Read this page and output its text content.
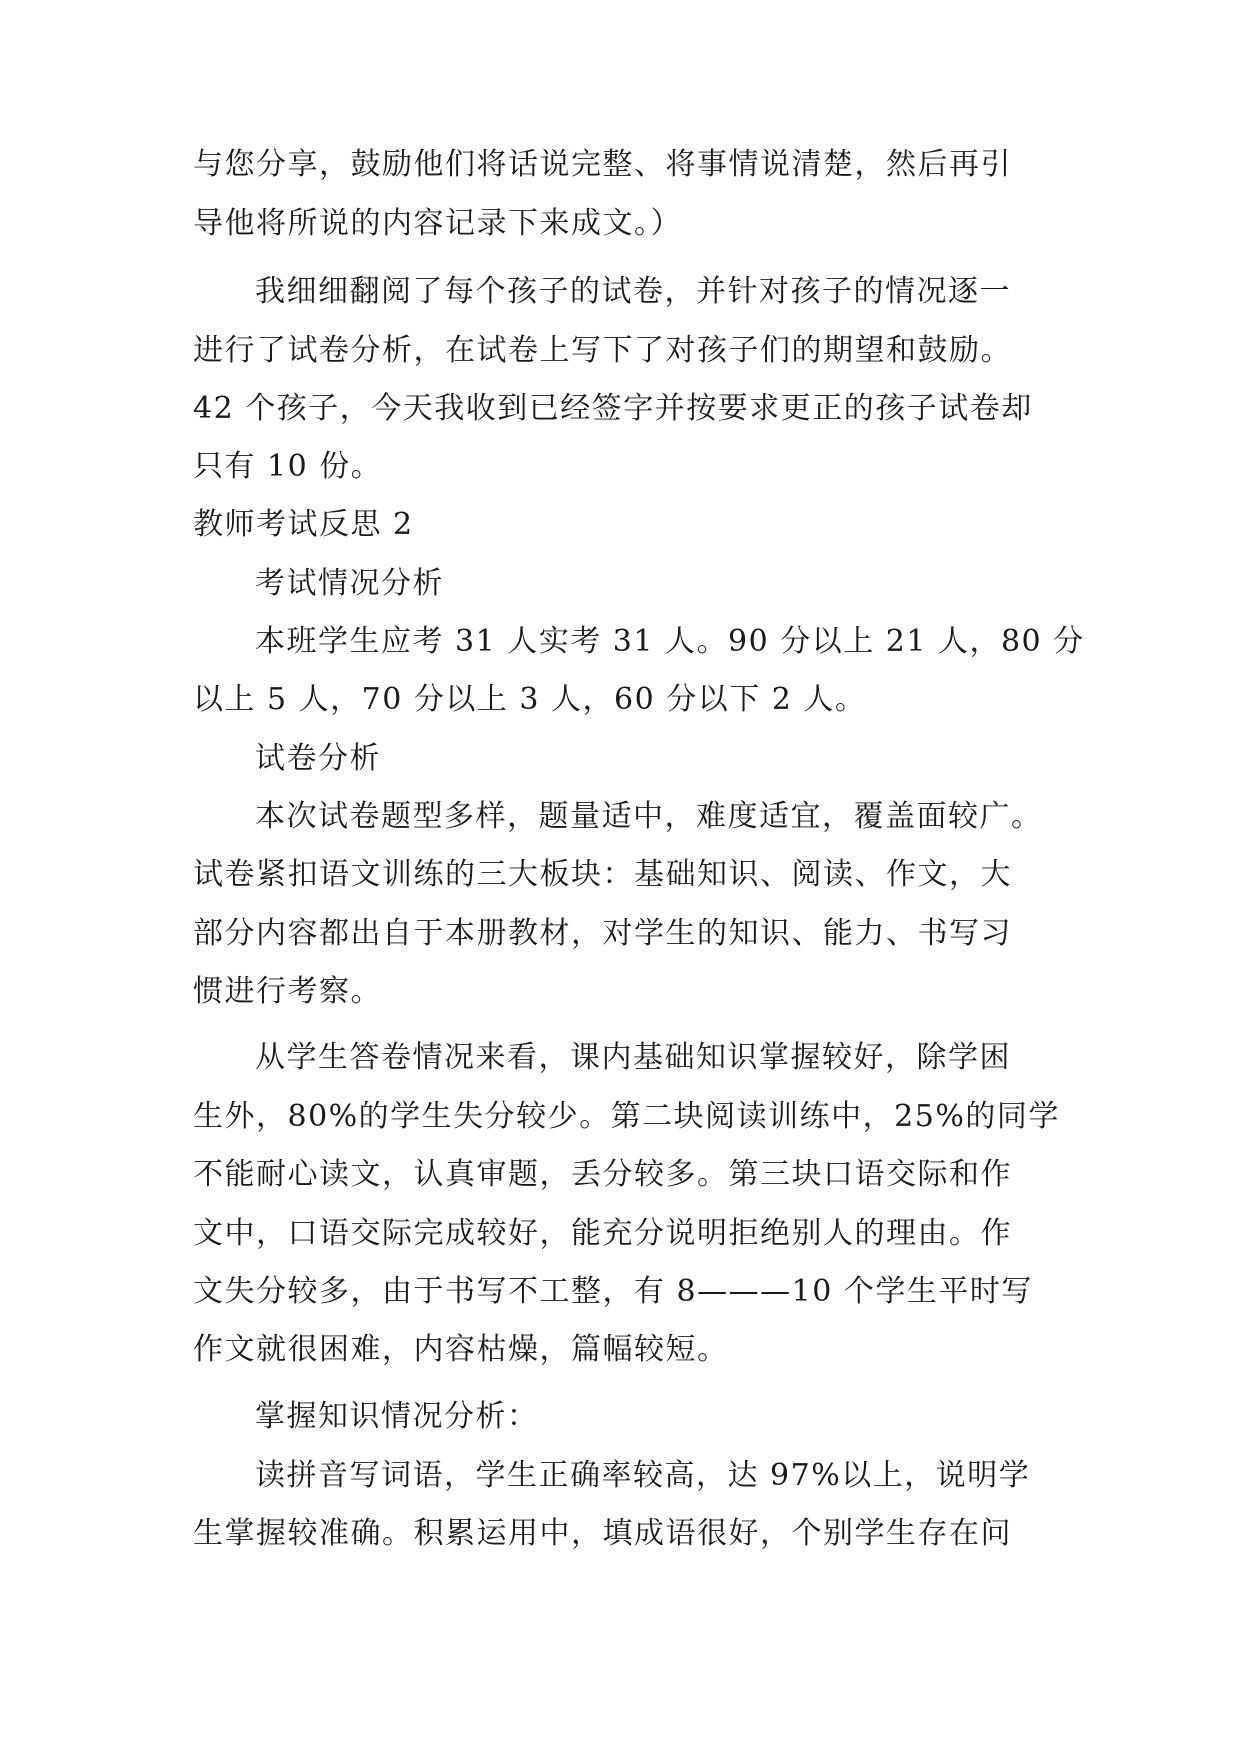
与您分享，鼓励他们将话说完整、将事情说清楚，然后再引
导他将所说的内容记录下来成文。）
我细细翻阅了每个孩子的试卷，并针对孩子的情况逐一
进行了试卷分析，在试卷上写下了对孩子们的期望和鼓励。
42 个孩子，今天我收到已经签字并按要求更正的孩子试卷却
只有 10 份。
教师考试反思 2
考试情况分析
本班学生应考 31 人实考 31 人。90 分以上 21 人，80 分
以上 5 人，70 分以上 3 人，60 分以下 2 人。
试卷分析
本次试卷题型多样，题量适中，难度适宜，覆盖面较广。
试卷紧扣语文训练的三大板块：基础知识、阅读、作文，大
部分内容都出自于本册教材，对学生的知识、能力、书写习
惯进行考察。
从学生答卷情况来看，课内基础知识掌握较好，除学困
生外，80%的学生失分较少。第二块阅读训练中，25%的同学
不能耐心读文，认真审题，丢分较多。第三块口语交际和作
文中，口语交际完成较好，能充分说明拒绝别人的理由。作
文失分较多，由于书写不工整，有 8———10 个学生平时写
作文就很困难，内容枯燥，篇幅较短。
掌握知识情况分析：
读拼音写词语，学生正确率较高，达 97%以上，说明学
生掌握较准确。积累运用中，填成语很好，个别学生存在问
